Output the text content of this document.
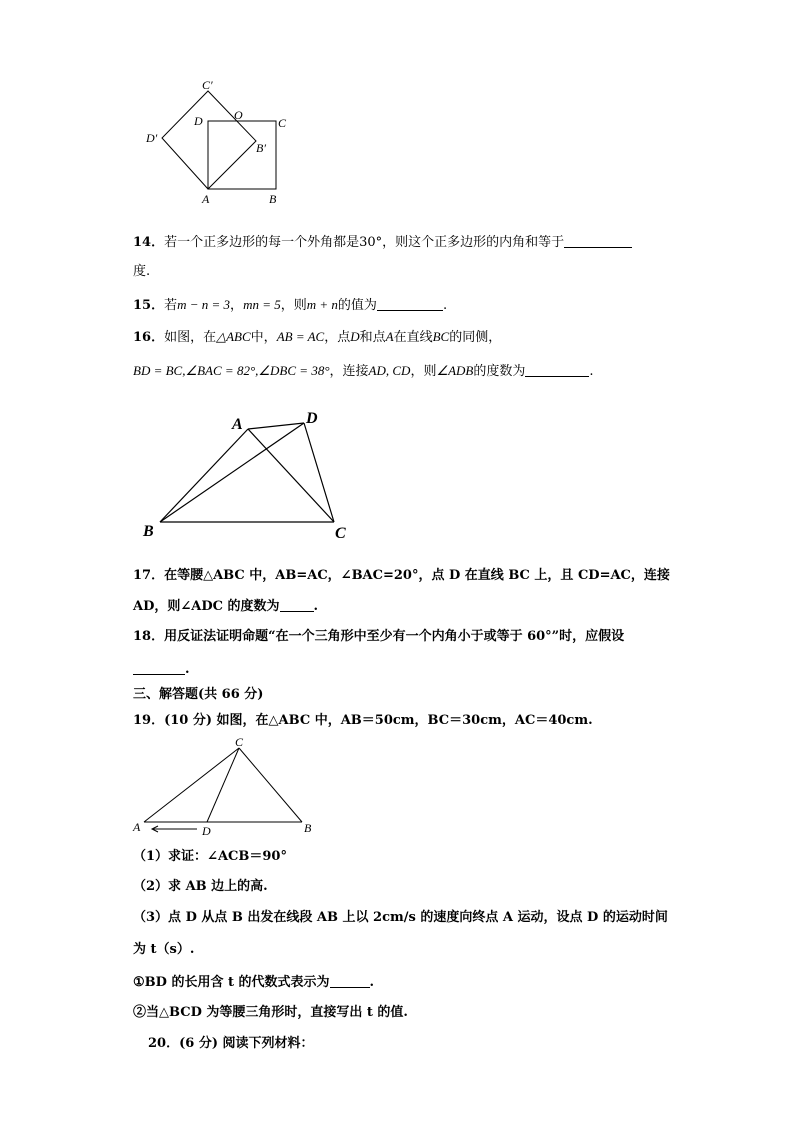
C′
D′
O
D	C
B′
A	B
14．若一个正多边形的每一个外角都是30°，则这个正多边形的内角和等于
度.
15．若m − n = 3，mn = 5，则m + n的值为	.
16．如图，在△ABC中，AB = AC，点D和点A在直线BC的同侧，
BD = BC,∠BAC = 82°,∠DBC = 38°，连接AD, CD，则∠ADB的度数为	.
A	D
B	C
17．在等腰△ABC 中，AB=AC，∠BAC=20°，点 D 在直线 BC 上，且 CD=AC，连接
AD，则∠ADC 的度数为	.
18．用反证法证明命题“在一个三角形中至少有一个内角小于或等于 60°”时，应假设
.
三、解答题(共 66 分)
19．(10 分) 如图，在△ABC 中，AB＝50cm，BC＝30cm，AC＝40cm.
C
A	D	B
（1）求证：∠ACB＝90°
（2）求 AB 边上的高.
（3）点 D 从点 B 出发在线段 AB 上以 2cm/s 的速度向终点 A 运动，设点 D 的运动时间
为 t（s）.
①BD 的长用含 t 的代数式表示为	.
②当△BCD 为等腰三角形时，直接写出 t 的值.
20．(6 分) 阅读下列材料：
